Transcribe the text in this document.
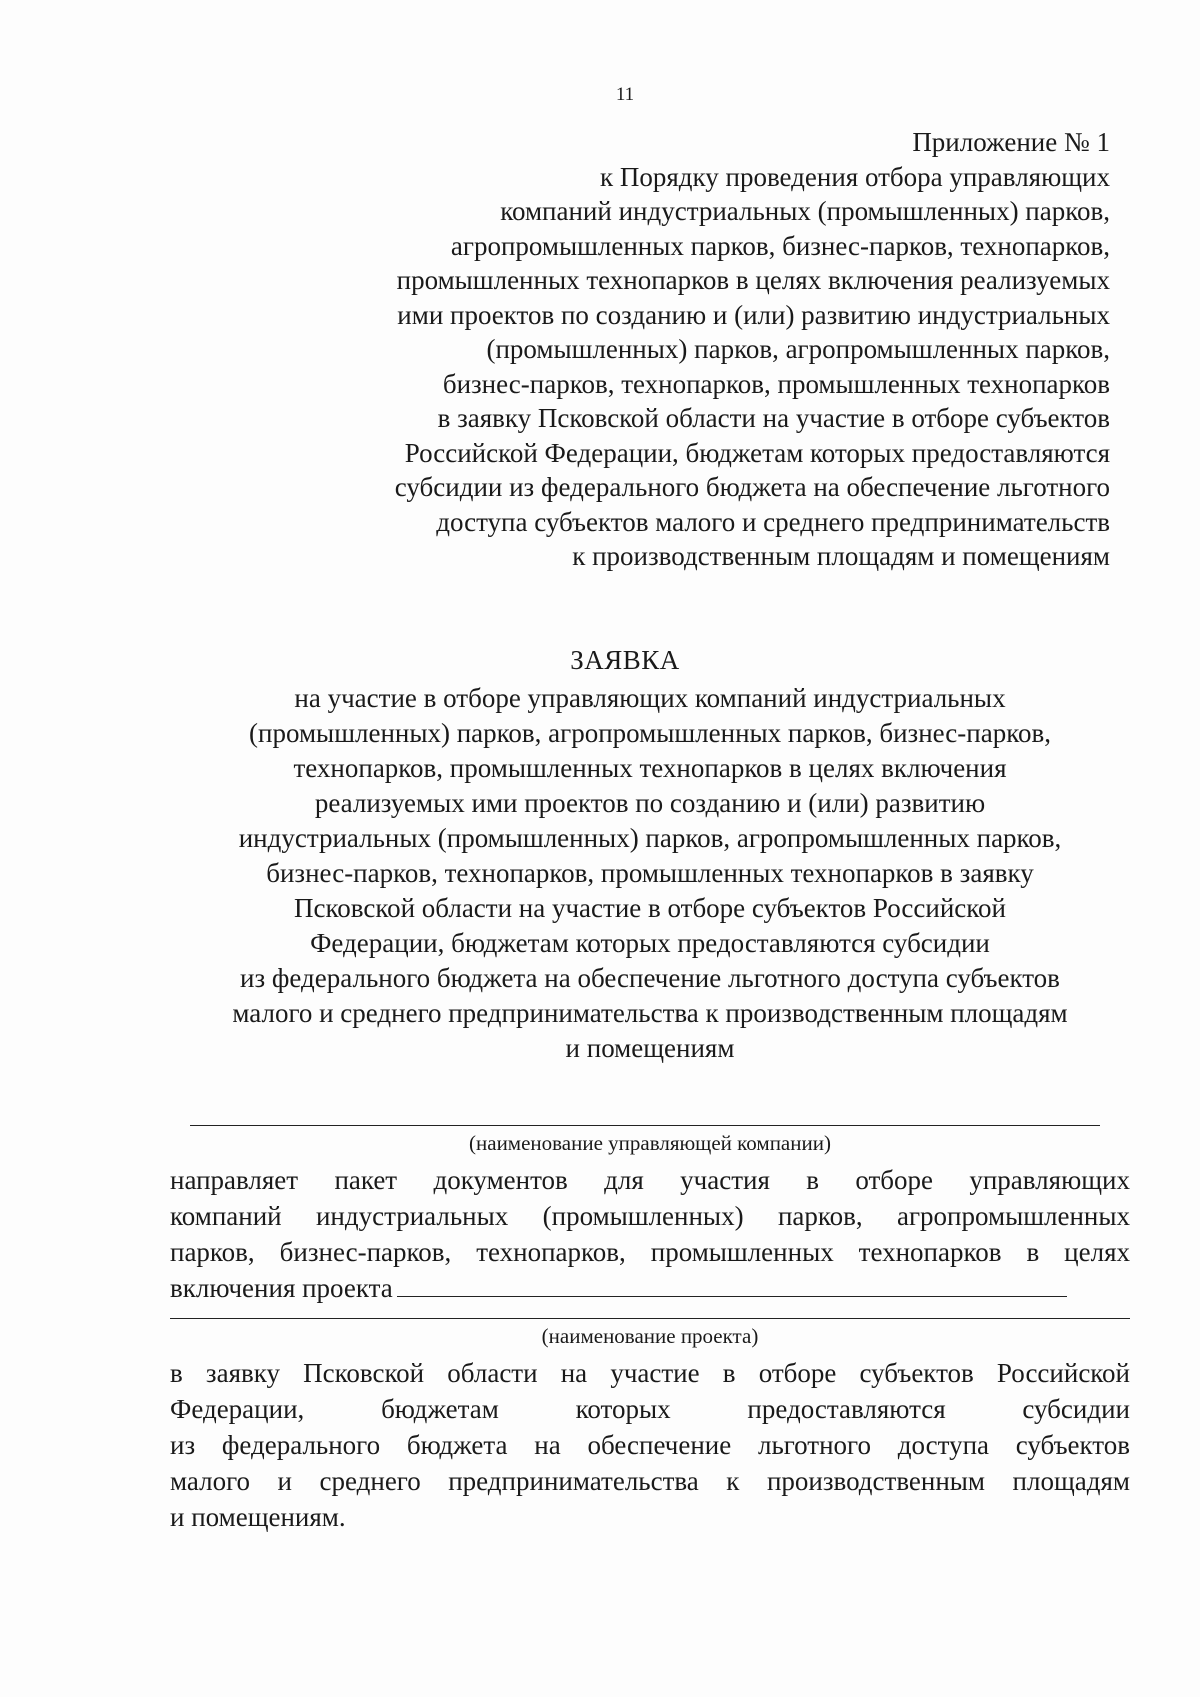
11
Приложение № 1
к Порядку проведения отбора управляющих
компаний индустриальных (промышленных) парков,
агропромышленных парков, бизнес-парков, технопарков,
промышленных технопарков в целях включения реализуемых
ими проектов по созданию и (или) развитию индустриальных
(промышленных) парков, агропромышленных парков,
бизнес-парков, технопарков, промышленных технопарков
в заявку Псковской области на участие в отборе субъектов
Российской Федерации, бюджетам которых предоставляются
субсидии из федерального бюджета на обеспечение льготного
доступа субъектов малого и среднего предпринимательств
к производственным площадям и помещениям
ЗАЯВКА
на участие в отборе управляющих компаний индустриальных
(промышленных) парков, агропромышленных парков, бизнес-парков,
технопарков, промышленных технопарков в целях включения
реализуемых ими проектов по созданию и (или) развитию
индустриальных (промышленных) парков, агропромышленных парков,
бизнес-парков, технопарков, промышленных технопарков в заявку
Псковской области на участие в отборе субъектов Российской
Федерации, бюджетам которых предоставляются субсидии
из федерального бюджета на обеспечение льготного доступа субъектов
малого и среднего предпринимательства к производственным площадям
и помещениям
(наименование управляющей компании)
направляет пакет документов для участия в отборе управляющих
компаний индустриальных (промышленных) парков, агропромышленных
парков, бизнес-парков, технопарков, промышленных технопарков в целях
включения проекта
(наименование проекта)
в заявку Псковской области на участие в отборе субъектов Российской
Федерации, бюджетам которых предоставляются субсидии
из федерального бюджета на обеспечение льготного доступа субъектов
малого и среднего предпринимательства к производственным площадям
и помещениям.
